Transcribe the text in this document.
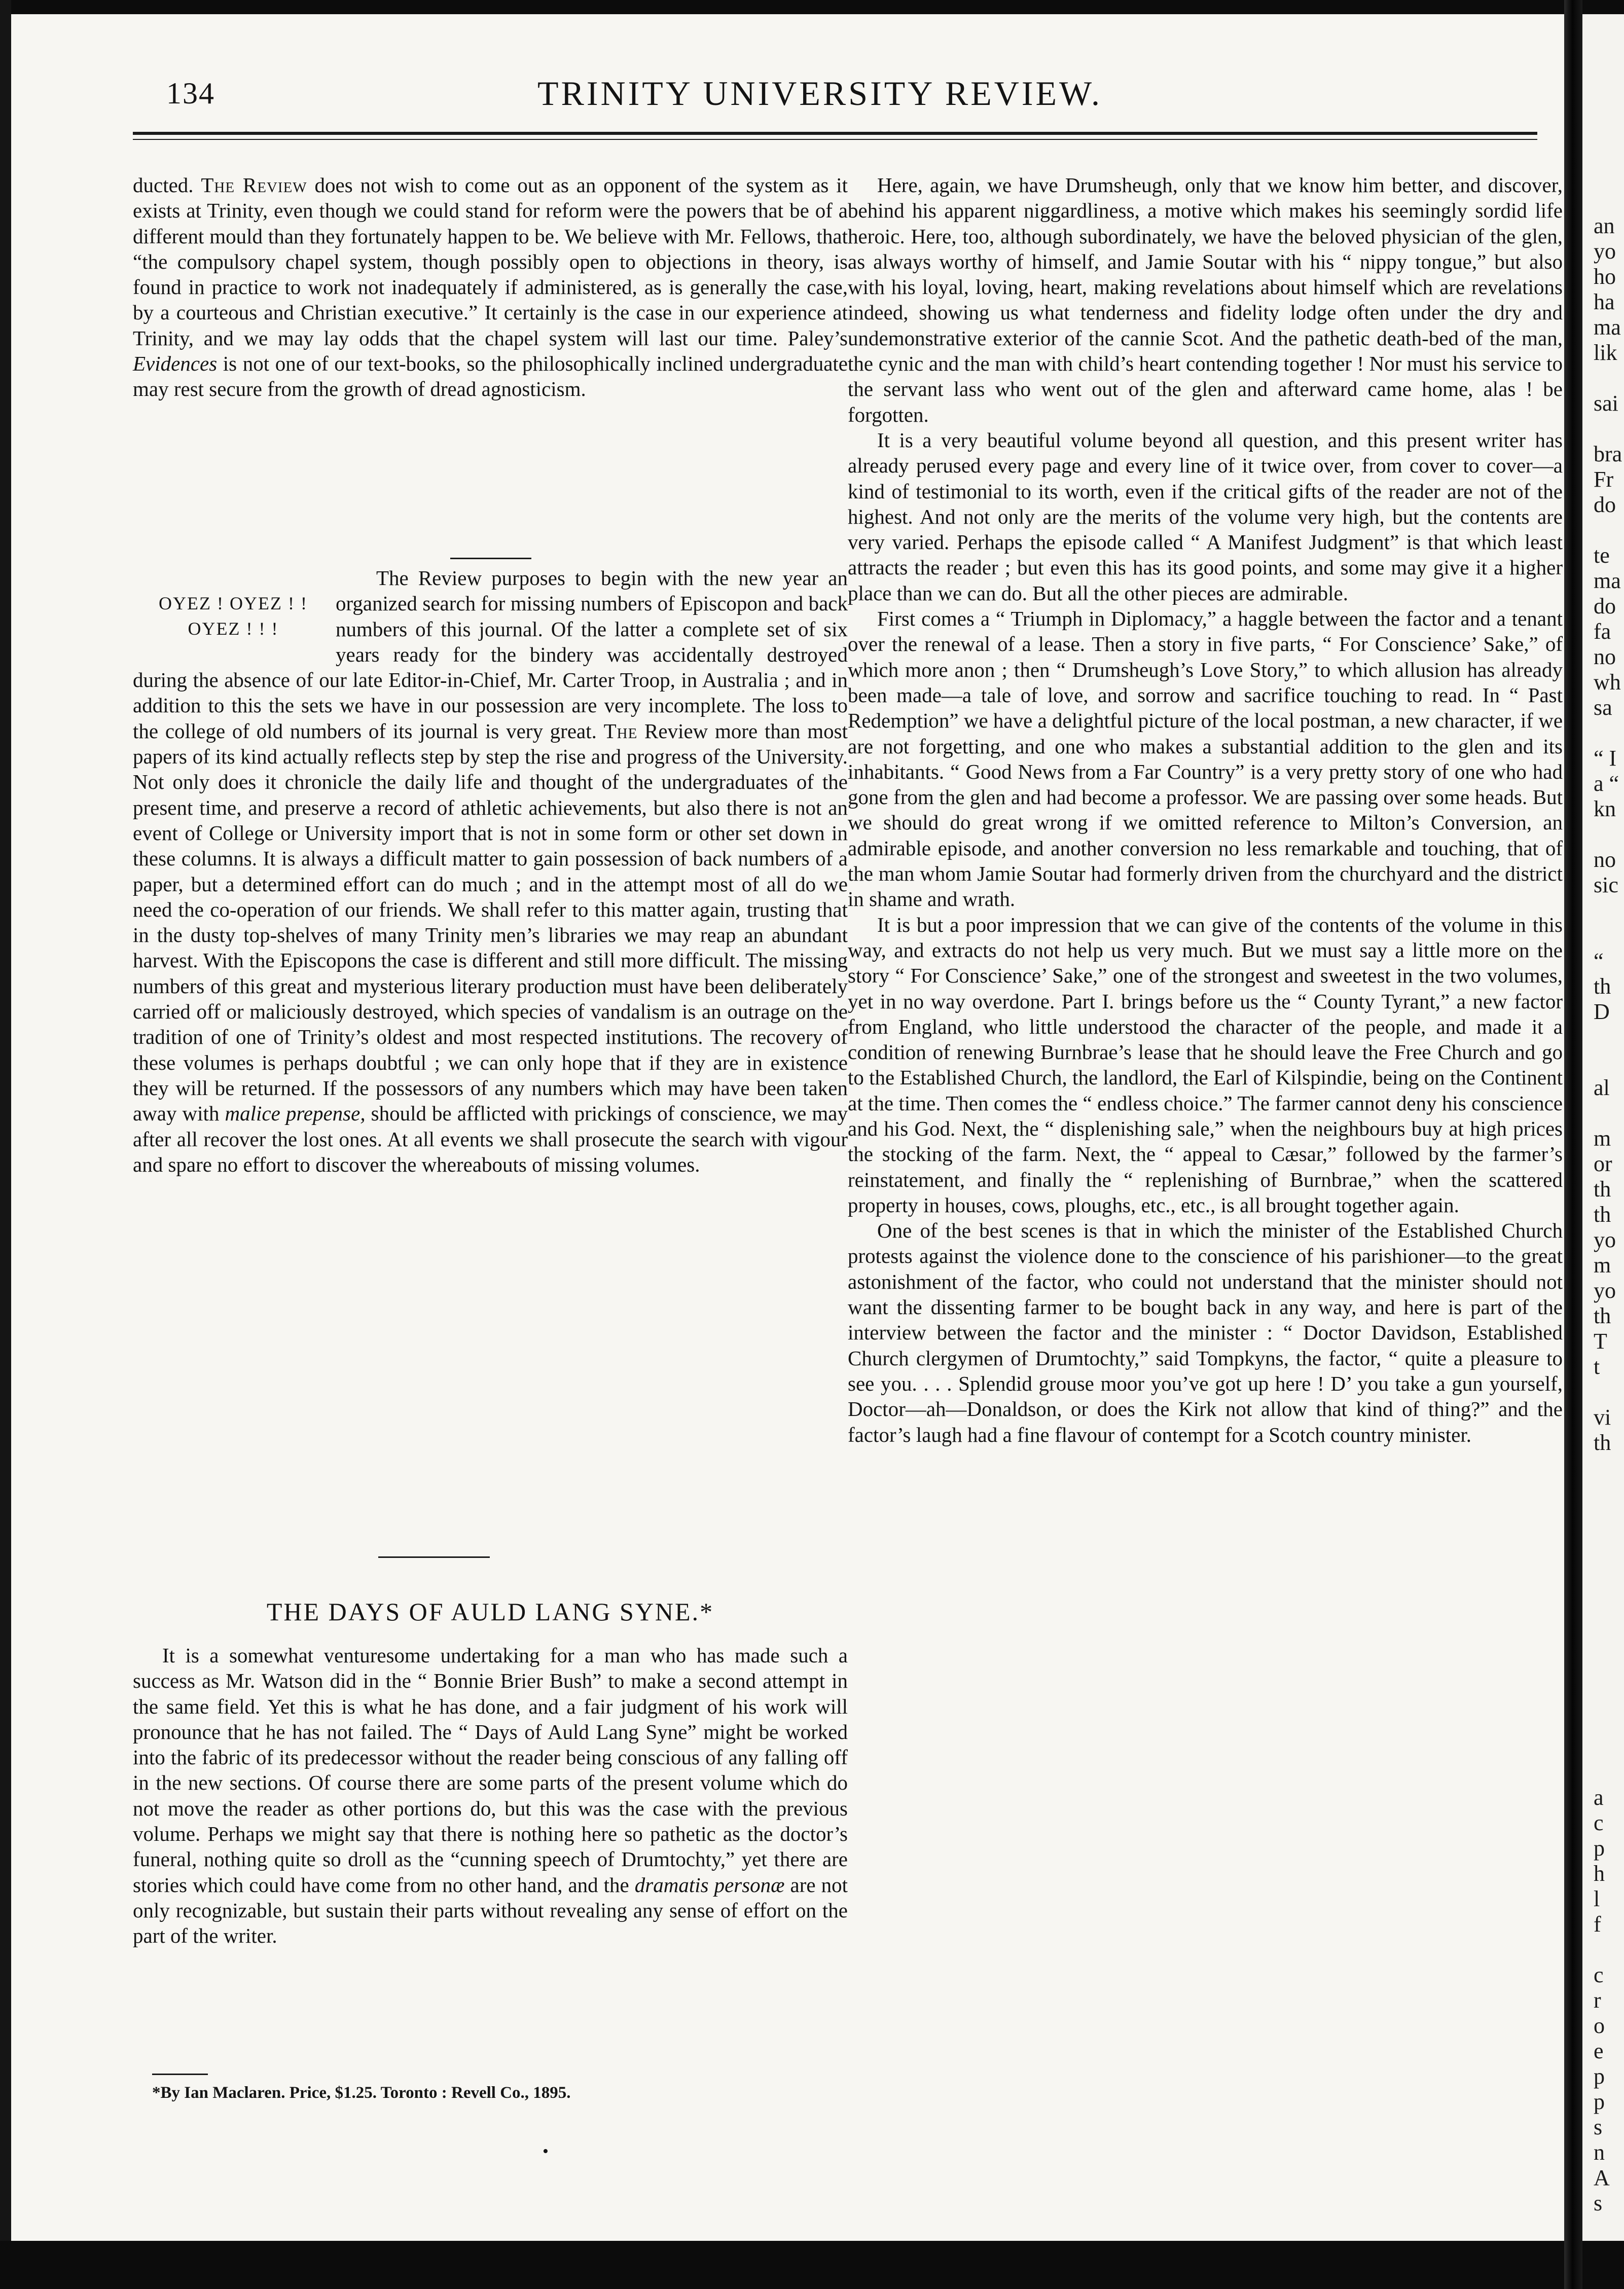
134	TRINITY UNIVERSITY REVIEW.

ducted. The Review does not wish to come out as an opponent of the system as it exists at Trinity, even though we could stand for reform were the powers that be of a different mould than they fortunately happen to be. We believe with Mr. Fellows, that “the compulsory chapel system, though possibly open to objections in theory, is found in practice to work not inadequately if administered, as is generally the case, by a courteous and Christian executive.” It certainly is the case in our experience at Trinity, and we may lay odds that the chapel system will last our time. Paley’s Evidences is not one of our text-books, so the philosophically inclined undergraduate may rest secure from the growth of dread agnosticism.

OYEZ ! OYEZ ! !
OYEZ ! ! !

The Review purposes to begin with the new year an organized search for missing numbers of Episcopon and back numbers of this journal. Of the latter a complete set of six years ready for the bindery was accidentally destroyed during the absence of our late Editor-in-Chief, Mr. Carter Troop, in Australia ; and in addition to this the sets we have in our possession are very incomplete. The loss to the college of old numbers of its journal is very great. The Review more than most papers of its kind actually reflects step by step the rise and progress of the University. Not only does it chronicle the daily life and thought of the undergraduates of the present time, and preserve a record of athletic achievements, but also there is not an event of College or University import that is not in some form or other set down in these columns. It is always a difficult matter to gain possession of back numbers of a paper, but a determined effort can do much ; and in the attempt most of all do we need the co-operation of our friends. We shall refer to this matter again, trusting that in the dusty top-shelves of many Trinity men’s libraries we may reap an abundant harvest. With the Episcopons the case is different and still more difficult. The missing numbers of this great and mysterious literary production must have been deliberately carried off or maliciously destroyed, which species of vandalism is an outrage on the tradition of one of Trinity’s oldest and most respected institutions. The recovery of these volumes is perhaps doubtful ; we can only hope that if they are in existence they will be returned. If the possessors of any numbers which may have been taken away with malice prepense, should be afflicted with prickings of conscience, we may after all recover the lost ones. At all events we shall prosecute the search with vigour and spare no effort to discover the whereabouts of missing volumes.

THE DAYS OF AULD LANG SYNE.*

It is a somewhat venturesome undertaking for a man who has made such a success as Mr. Watson did in the “ Bonnie Brier Bush” to make a second attempt in the same field. Yet this is what he has done, and a fair judgment of his work will pronounce that he has not failed. The “ Days of Auld Lang Syne” might be worked into the fabric of its predecessor without the reader being conscious of any falling off in the new sections. Of course there are some parts of the present volume which do not move the reader as other portions do, but this was the case with the previous volume. Perhaps we might say that there is nothing here so pathetic as the doctor’s funeral, nothing quite so droll as the “cunning speech of Drumtochty,” yet there are stories which could have come from no other hand, and the dramatis personæ are not only recognizable, but sustain their parts without revealing any sense of effort on the part of the writer.

*By Ian Maclaren. Price, $1.25. Toronto : Revell Co., 1895.
•

Here, again, we have Drumsheugh, only that we know him better, and discover, behind his apparent niggardliness, a motive which makes his seemingly sordid life heroic. Here, too, although subordinately, we have the beloved physician of the glen, as always worthy of himself, and Jamie Soutar with his “ nippy tongue,” but also with his loyal, loving, heart, making revelations about himself which are revelations indeed, showing us what tenderness and fidelity lodge often under the dry and undemonstrative exterior of the cannie Scot. And the pathetic death-bed of the man, the cynic and the man with child’s heart contending together ! Nor must his service to the servant lass who went out of the glen and afterward came home, alas ! be forgotten.

It is a very beautiful volume beyond all question, and this present writer has already perused every page and every line of it twice over, from cover to cover—a kind of testimonial to its worth, even if the critical gifts of the reader are not of the highest. And not only are the merits of the volume very high, but the contents are very varied. Perhaps the episode called “ A Manifest Judgment” is that which least attracts the reader ; but even this has its good points, and some may give it a higher place than we can do. But all the other pieces are admirable.

First comes a “ Triumph in Diplomacy,” a haggle between the factor and a tenant over the renewal of a lease. Then a story in five parts, “ For Conscience’ Sake,” of which more anon ; then “ Drumsheugh’s Love Story,” to which allusion has already been made—a tale of love, and sorrow and sacrifice touching to read. In “ Past Redemption” we have a delightful picture of the local postman, a new character, if we are not forgetting, and one who makes a substantial addition to the glen and its inhabitants. “ Good News from a Far Country” is a very pretty story of one who had gone from the glen and had become a professor. We are passing over some heads. But we should do great wrong if we omitted reference to Milton’s Conversion, an admirable episode, and another conversion no less remarkable and touching, that of the man whom Jamie Soutar had formerly driven from the churchyard and the district in shame and wrath.

It is but a poor impression that we can give of the contents of the volume in this way, and extracts do not help us very much. But we must say a little more on the story “ For Conscience’ Sake,” one of the strongest and sweetest in the two volumes, yet in no way overdone. Part I. brings before us the “ County Tyrant,” a new factor from England, who little understood the character of the people, and made it a condition of renewing Burnbrae’s lease that he should leave the Free Church and go to the Established Church, the landlord, the Earl of Kilspindie, being on the Continent at the time. Then comes the “ endless choice.” The farmer cannot deny his conscience and his God. Next, the “ displenishing sale,” when the neighbours buy at high prices the stocking of the farm. Next, the “ appeal to Cæsar,” followed by the farmer’s reinstatement, and finally the “ replenishing of Burnbrae,” when the scattered property in houses, cows, ploughs, etc., etc., is all brought together again.

One of the best scenes is that in which the minister of the Established Church protests against the violence done to the conscience of his parishioner—to the great astonishment of the factor, who could not understand that the minister should not want the dissenting farmer to be bought back in any way, and here is part of the interview between the factor and the minister : “ Doctor Davidson, Established Church clergymen of Drumtochty,” said Tompkyns, the factor, “ quite a pleasure to see you. . . . Splendid grouse moor you’ve got up here ! D’ you take a gun yourself, Doctor—ah—Donaldson, or does the Kirk not allow that kind of thing?” and the factor’s laugh had a fine flavour of contempt for a Scotch country minister.

an
yo
ho
ha
ma
lik
sai
bra
Fr
do
te
ma
do
fa
no
wh
sa
“ I
a “
kn
no
sic
“
th
D
al
m
or
th
th
yo
m
yo
th
T
t
vi
th
a
c
p
h
l
f
c
r
o
e
p
p
s
n
A
s
